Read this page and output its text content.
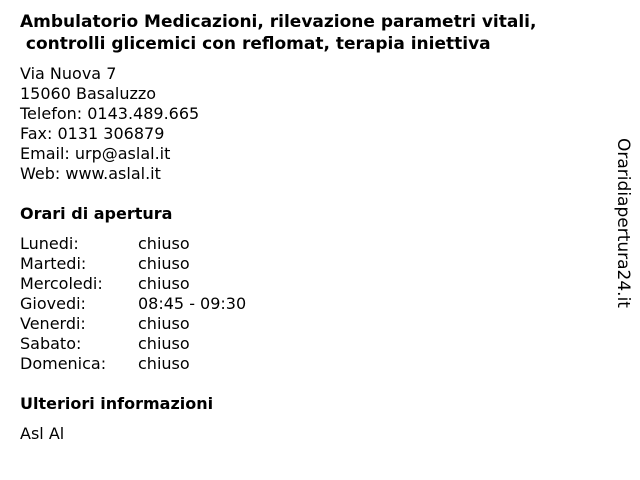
Ambulatorio Medicazioni, rilevazione parametri vitali,
controlli glicemici con reflomat, terapia iniettiva
Via Nuova 7
15060 Basaluzzo
Telefon: 0143.489.665
Fax: 0131 306879
Email: urp@aslal.it
Web: www.aslal.it
Orari di apertura
Lunedi:	chiuso
Martedi:	chiuso
Mercoledi: chiuso
Giovedi:	08:45 - 09:30
Venerdi:	chiuso
Sabato:	chiuso
Domenica: chiuso
Ulteriori informazioni
Asl Al
Oraridiapertura24.it
